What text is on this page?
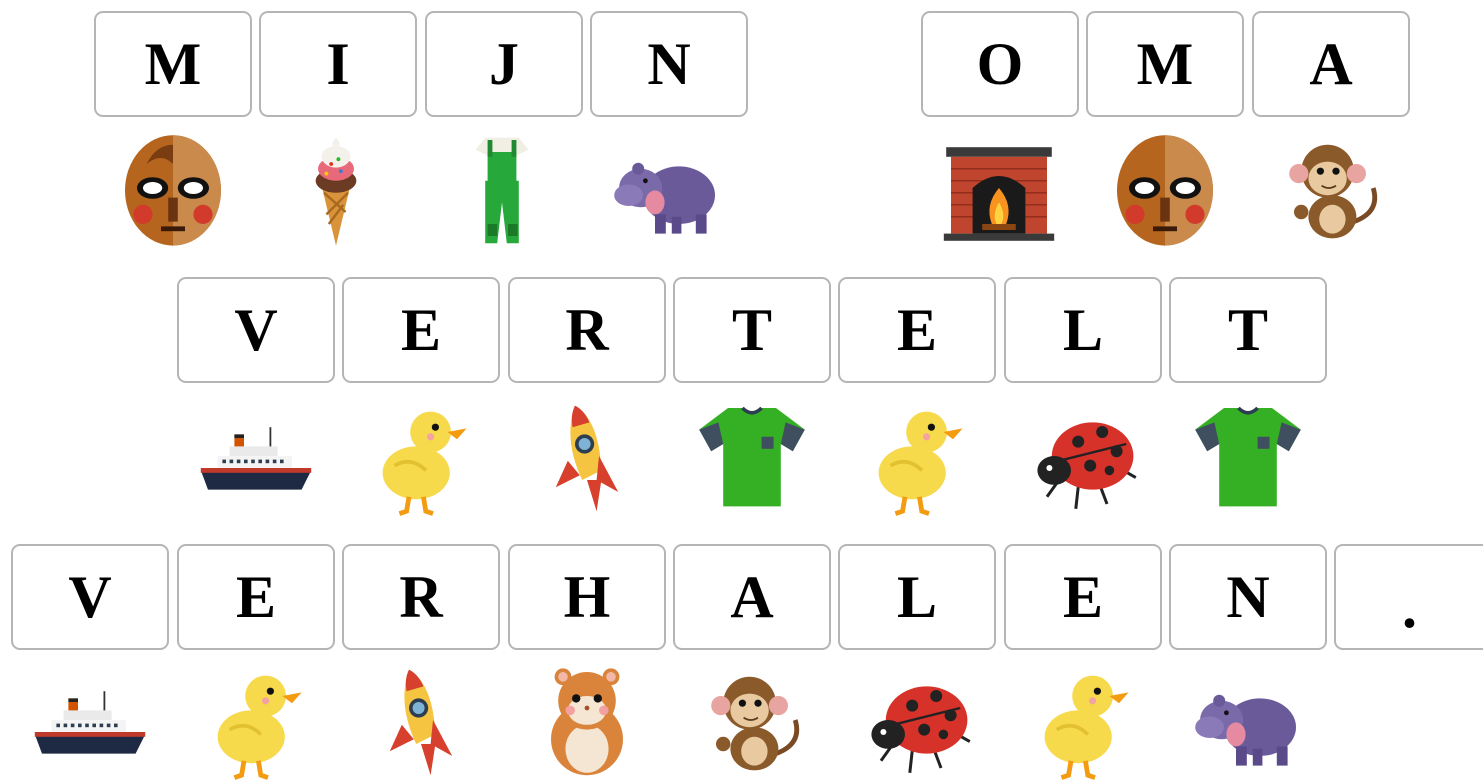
M	I	J	N	O	M	A
V	E	R	T	E	L	T
V	E	R	H	A	L	E	N	.
